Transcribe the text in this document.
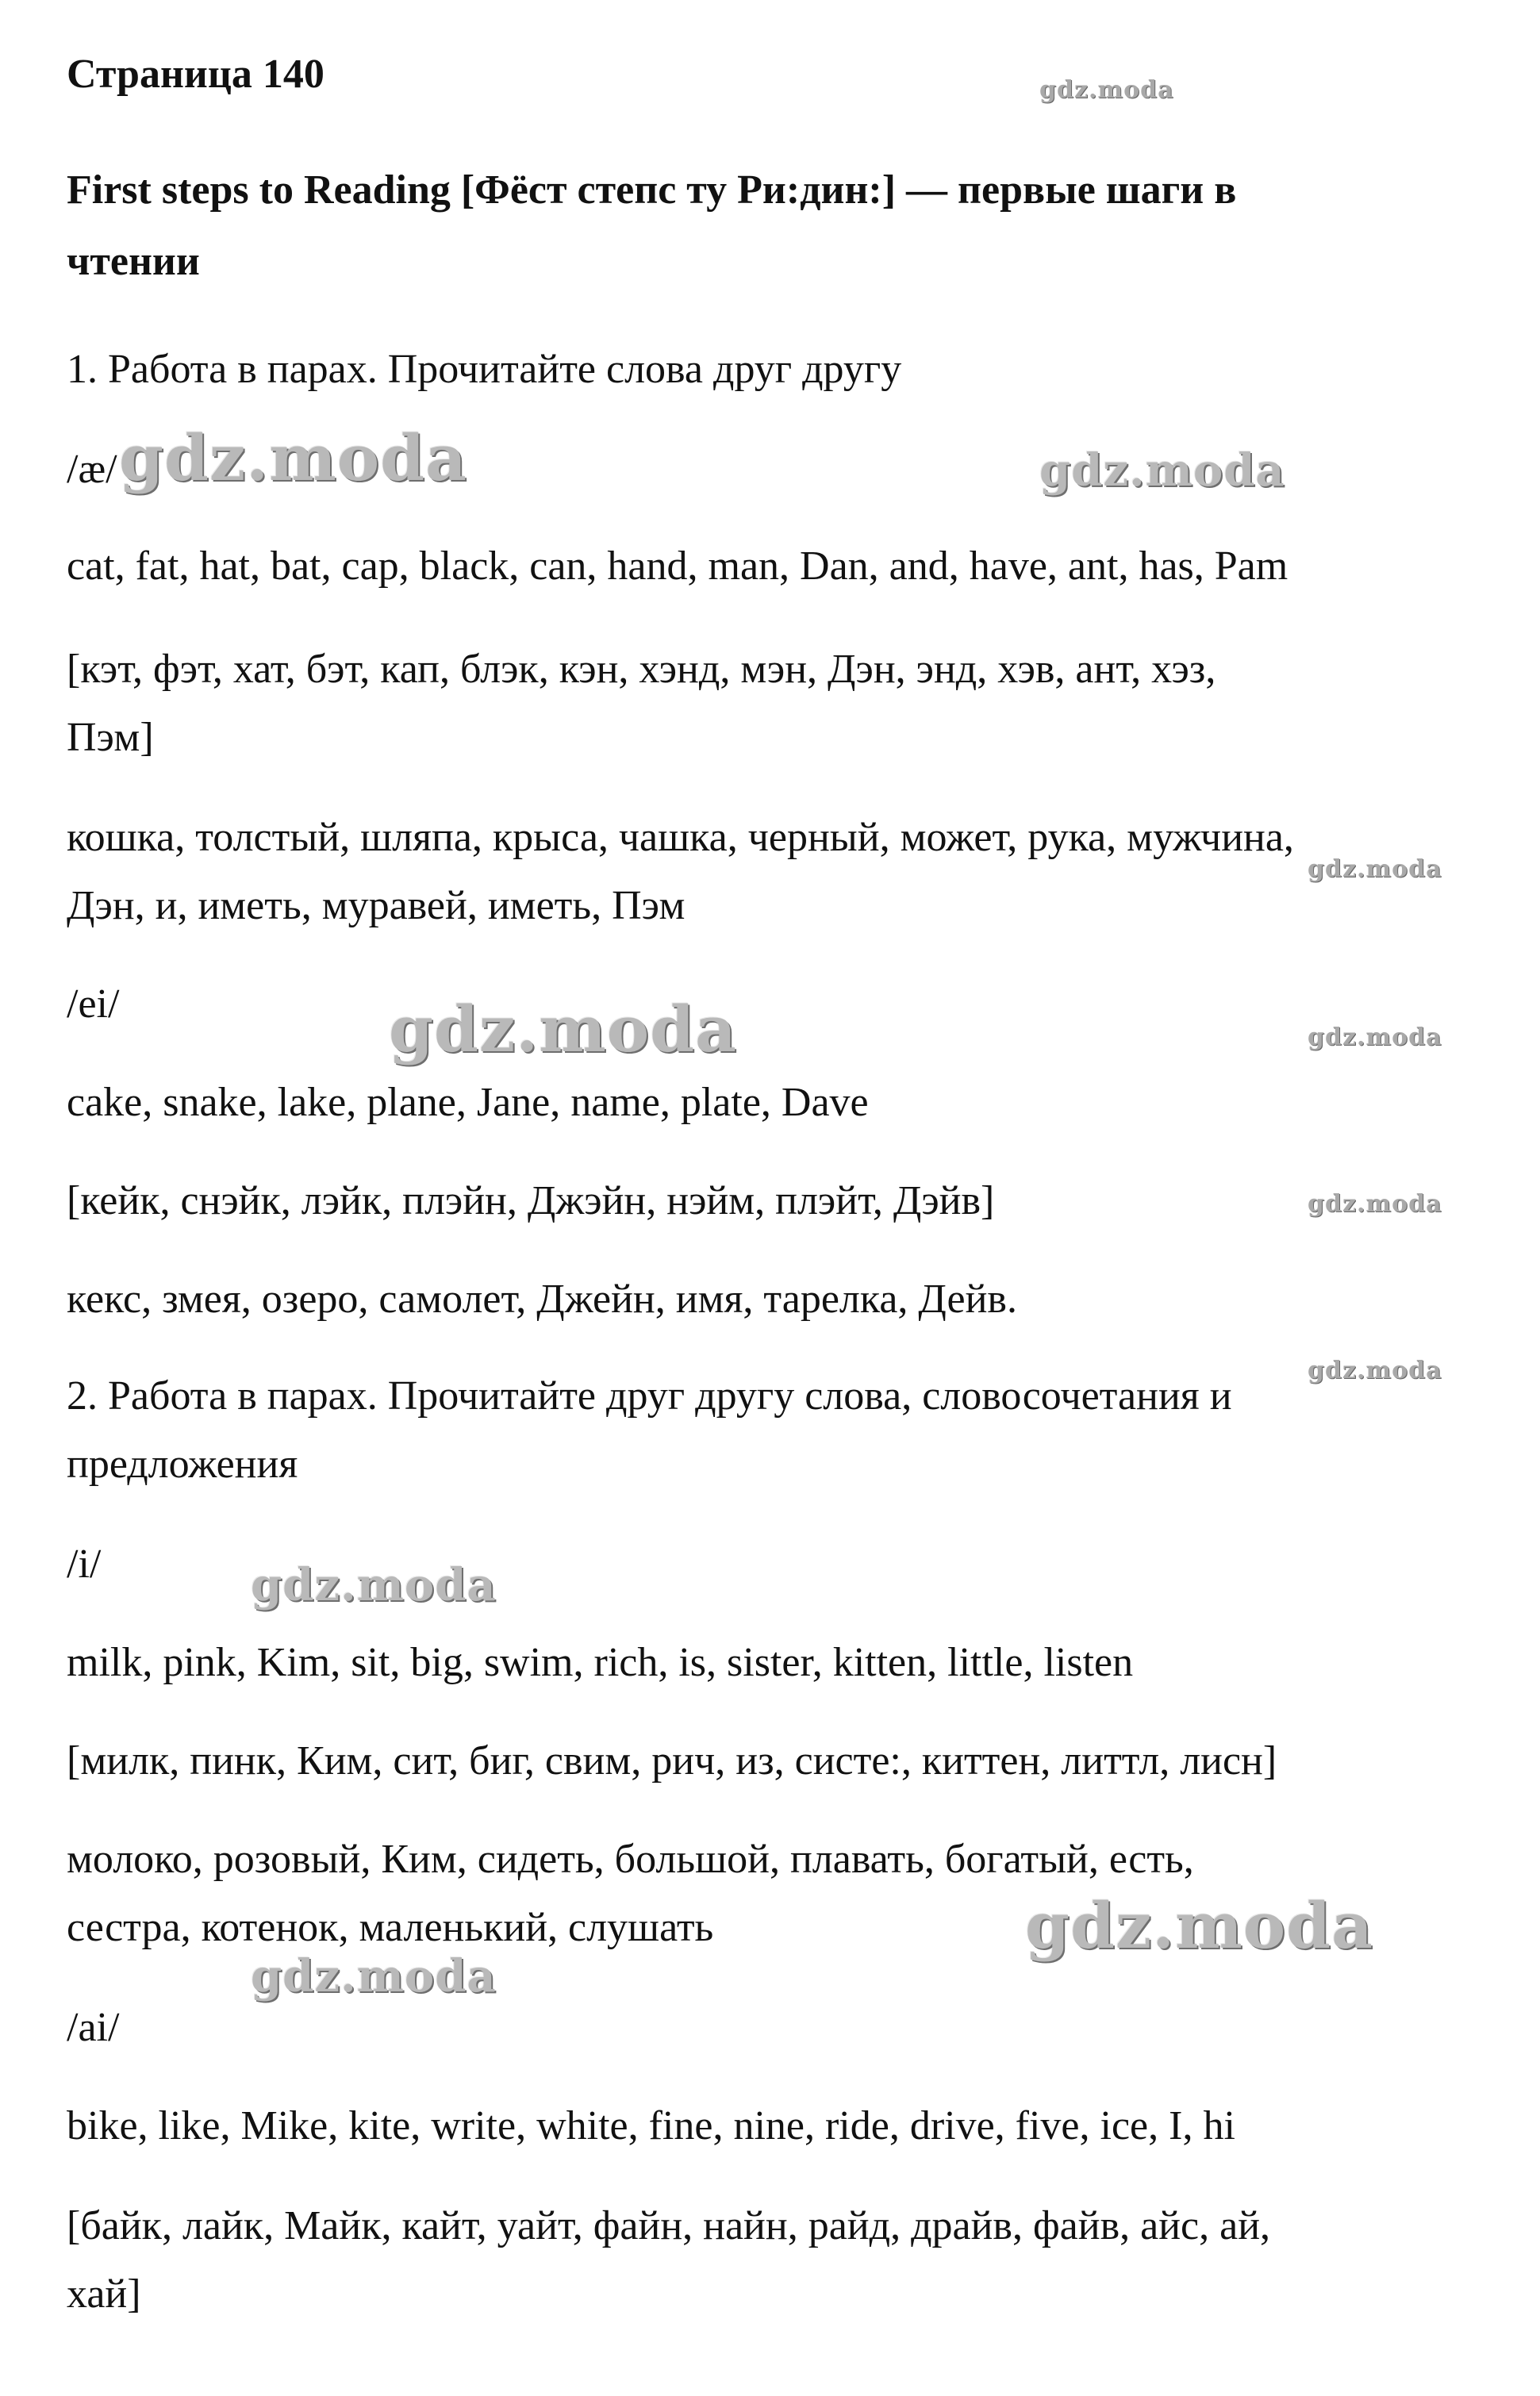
Страница 140

First steps to Reading [Фёст степс ту Ри:дин:] — первые шаги в

чтении

1. Работа в парах. Прочитайте слова друг другу

/æ/

cat, fat, hat, bat, cap, black, can, hand, man, Dan, and, have, ant, has, Pam

[кэт, фэт, хат, бэт, кап, блэк, кэн, хэнд, мэн, Дэн, энд, хэв, ант, хэз,

Пэм]

кошка, толстый, шляпа, крыса, чашка, черный, может, рука, мужчина,

Дэн, и, иметь, муравей, иметь, Пэм

/ei/

cake, snake, lake, plane, Jane, name, plate, Dave

[кейк, снэйк, лэйк, плэйн, Джэйн, нэйм, плэйт, Дэйв]

кекс, змея, озеро, самолет, Джейн, имя, тарелка, Дейв.

2. Работа в парах. Прочитайте друг другу слова, словосочетания и

предложения

/i/

milk, pink, Kim, sit, big, swim, rich, is, sister, kitten, little, listen

[милк, пинк, Ким, сит, биг, свим, рич, из, систе:, киттен, литтл, лисн]

молоко, розовый, Ким, сидеть, большой, плавать, богатый, есть,

сестра, котенок, маленький, слушать

/ai/

bike, like, Mike, kite, write, white, fine, nine, ride, drive, five, ice, I, hi

[байк, лайк, Майк, кайт, уайт, файн, найн, райд, драйв, файв, айс, ай,

хай]

gdz.moda
gdz.moda	gdz.moda
gdz.moda
gdz.moda	gdz.moda
gdz.moda
gdz.moda
gdz.moda
gdz.moda
gdz.moda
